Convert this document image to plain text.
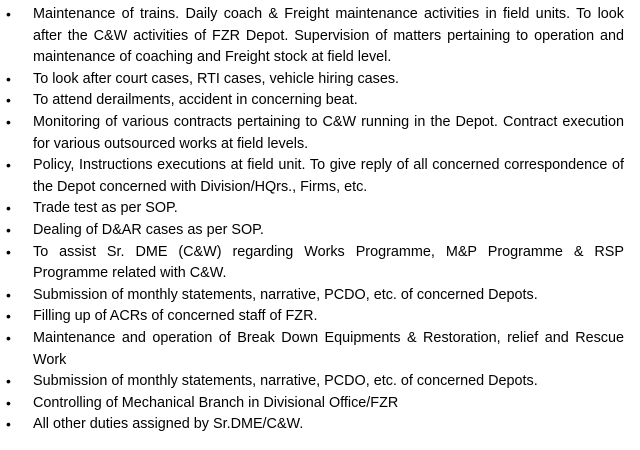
•	Maintenance of trains. Daily coach & Freight maintenance activities in field units. To look after the C&W activities of FZR Depot. Supervision of matters pertaining to operation and maintenance of coaching and Freight stock at field level.
•	To look after court cases, RTI cases, vehicle hiring cases.
•	To attend derailments, accident in concerning beat.
•	Monitoring of various contracts pertaining to C&W running in the Depot. Contract execution for various outsourced works at field levels.
•	Policy, Instructions executions at field unit. To give reply of all concerned correspondence of the Depot concerned with Division/HQrs., Firms, etc.
•	Trade test as per SOP.
•	Dealing of D&AR cases as per SOP.
•	To assist Sr. DME (C&W) regarding Works Programme, M&P Programme & RSP Programme related with C&W.
•	Submission of monthly statements, narrative, PCDO, etc. of concerned Depots.
•	Filling up of ACRs of concerned staff of FZR.
•	Maintenance and operation of Break Down Equipments & Restoration, relief and Rescue Work
•	Submission of monthly statements, narrative, PCDO, etc. of concerned Depots.
•	Controlling of Mechanical Branch in Divisional Office/FZR
•	All other duties assigned by Sr.DME/C&W.
